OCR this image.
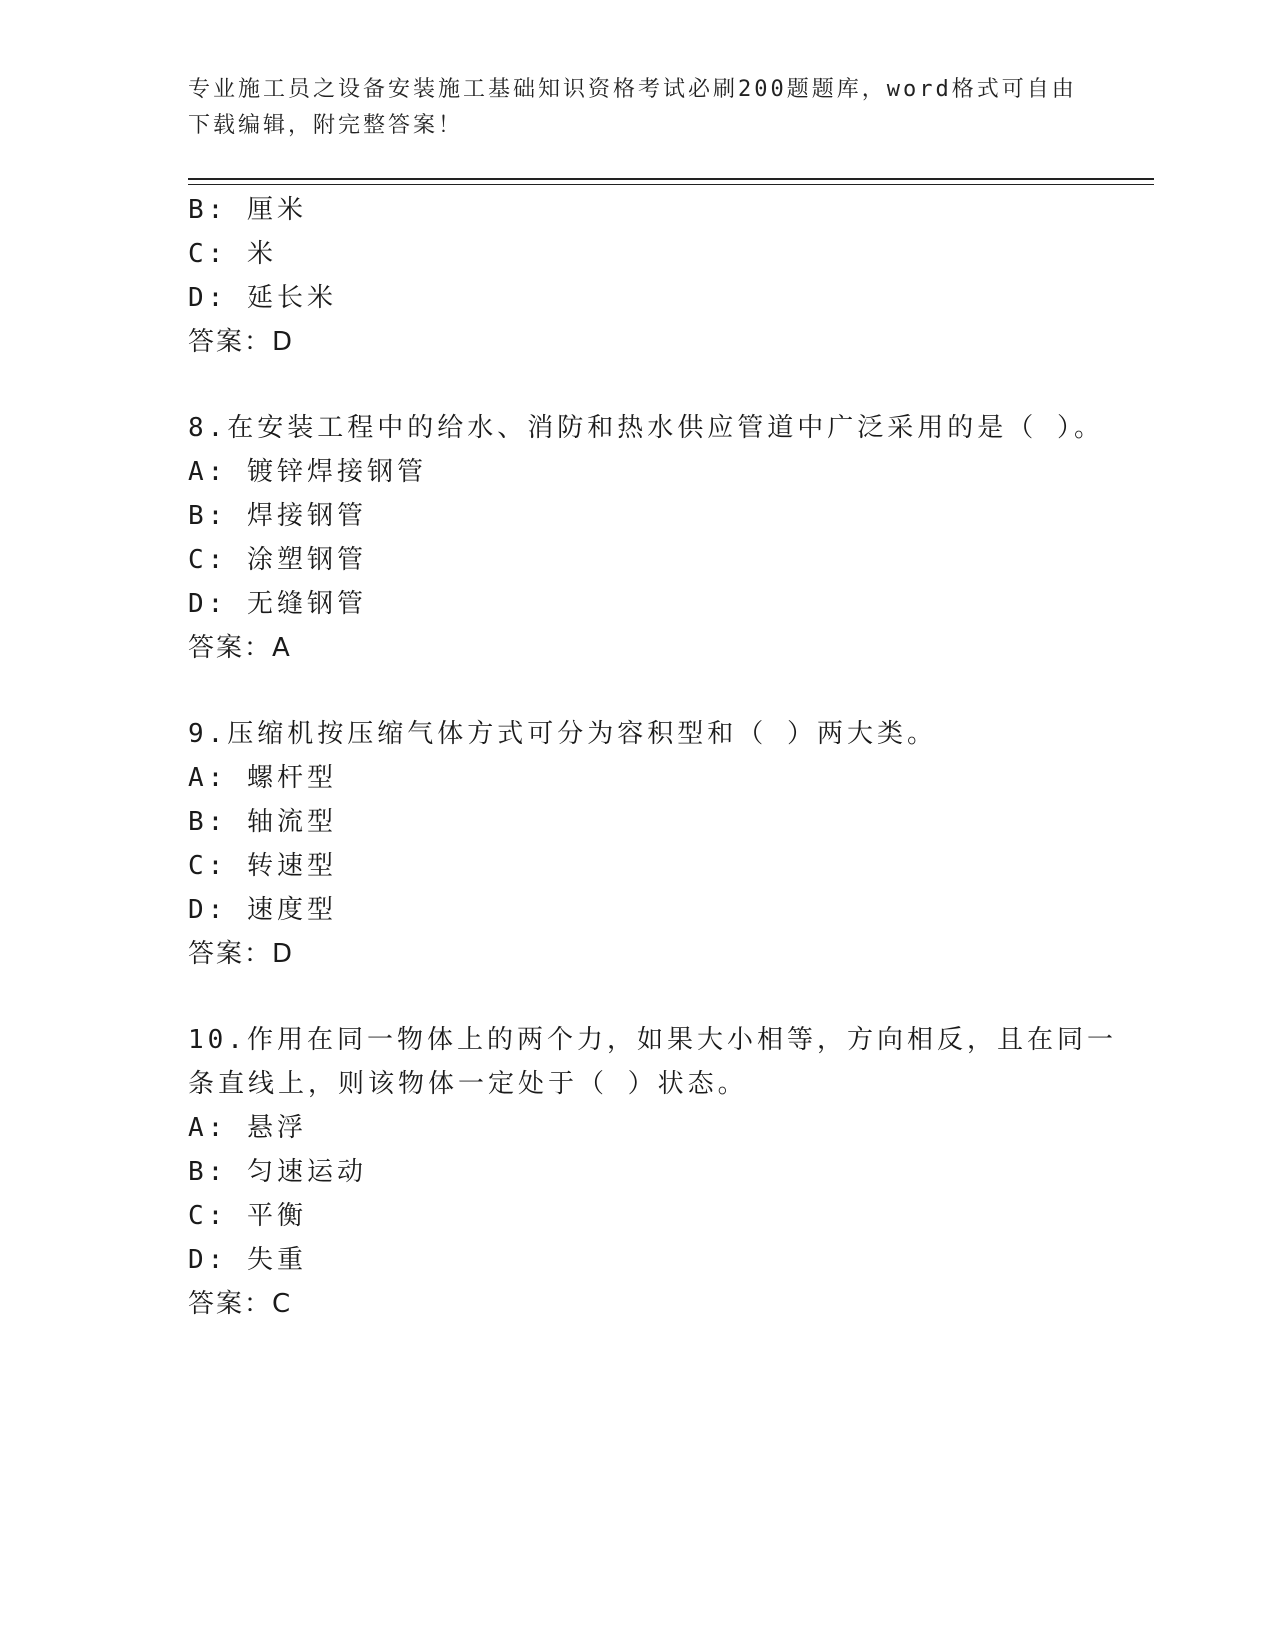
专业施工员之设备安装施工基础知识资格考试必刷200题题库，word格式可自由
下载编辑，附完整答案！
B: 厘米
C: 米
D: 延长米
答案：D
8.在安装工程中的给水、消防和热水供应管道中广泛采用的是（ ）。
A: 镀锌焊接钢管
B: 焊接钢管
C: 涂塑钢管
D: 无缝钢管
答案：A
9.压缩机按压缩气体方式可分为容积型和（ ）两大类。
A: 螺杆型
B: 轴流型
C: 转速型
D: 速度型
答案：D
10.作用在同一物体上的两个力，如果大小相等，方向相反，且在同一
条直线上，则该物体一定处于（ ）状态。
A: 悬浮
B: 匀速运动
C: 平衡
D: 失重
答案：C
